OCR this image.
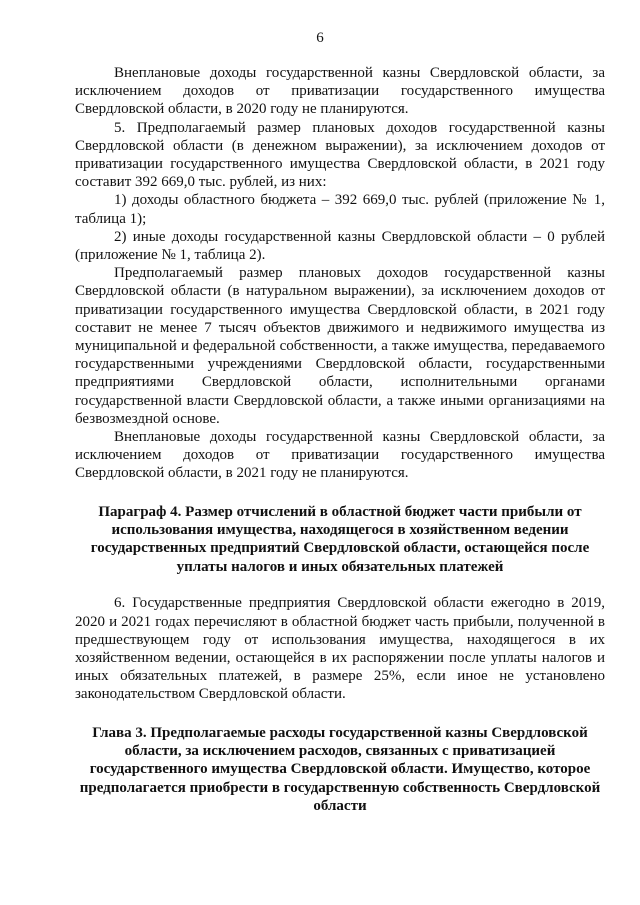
6

Внеплановые доходы государственной казны Свердловской области, за исключением доходов от приватизации государственного имущества Свердловской области, в 2020 году не планируются.

5. Предполагаемый размер плановых доходов государственной казны Свердловской области (в денежном выражении), за исключением доходов от приватизации государственного имущества Свердловской области, в 2021 году составит 392 669,0 тыс. рублей, из них:

1) доходы областного бюджета – 392 669,0 тыс. рублей (приложение № 1, таблица 1);

2) иные доходы государственной казны Свердловской области – 0 рублей (приложение № 1, таблица 2).

Предполагаемый размер плановых доходов государственной казны Свердловской области (в натуральном выражении), за исключением доходов от приватизации государственного имущества Свердловской области, в 2021 году составит не менее 7 тысяч объектов движимого и недвижимого имущества из муниципальной и федеральной собственности, а также имущества, передаваемого государственными учреждениями Свердловской области, государственными предприятиями Свердловской области, исполнительными органами государственной власти Свердловской области, а также иными организациями на безвозмездной основе.

Внеплановые доходы государственной казны Свердловской области, за исключением доходов от приватизации государственного имущества Свердловской области, в 2021 году не планируются.

Параграф 4. Размер отчислений в областной бюджет части прибыли от использования имущества, находящегося в хозяйственном ведении государственных предприятий Свердловской области, остающейся после уплаты налогов и иных обязательных платежей

6. Государственные предприятия Свердловской области ежегодно в 2019, 2020 и 2021 годах перечисляют в областной бюджет часть прибыли, полученной в предшествующем году от использования имущества, находящегося в их хозяйственном ведении, остающейся в их распоряжении после уплаты налогов и иных обязательных платежей, в размере 25%, если иное не установлено законодательством Свердловской области.

Глава 3. Предполагаемые расходы государственной казны Свердловской области, за исключением расходов, связанных с приватизацией государственного имущества Свердловской области. Имущество, которое предполагается приобрести в государственную собственность Свердловской области
